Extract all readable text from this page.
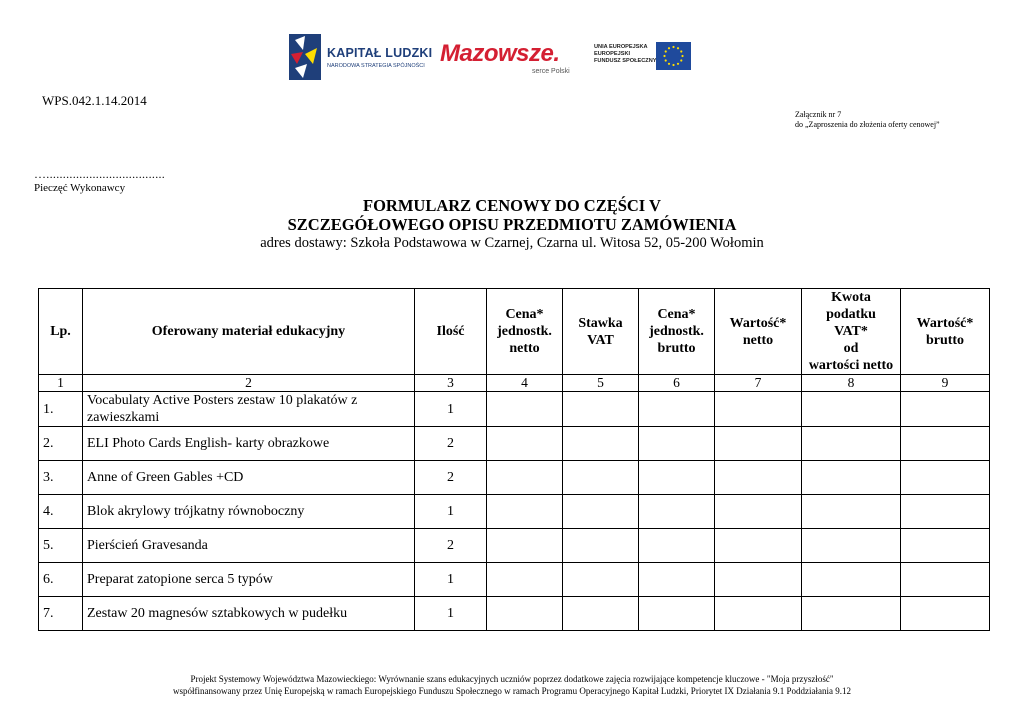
KAPITAŁ LUDZKI
NARODOWA STRATEGIA SPÓJNOŚCI Mazowsze.
serce Polski
UNIA EUROPEJSKA
EUROPEJSKI
FUNDUSZ SPOŁECZNY
WPS.042.1.14.2014
Załącznik nr 7
do „Zaproszenia do złożenia oferty cenowej”
…....................................
Pieczęć Wykonawcy
FORMULARZ CENOWY DO CZĘŚCI V
SZCZEGÓŁOWEGO OPISU PRZEDMIOTU ZAMÓWIENIA
adres dostawy: Szkoła Podstawowa w Czarnej, Czarna ul. Witosa 52, 05-200 Wołomin
Lp.	Oferowany materiał edukacyjny	Ilość	Cena*
jednostk.
netto	Stawka
VAT	Cena*
jednostk.
brutto	Wartość*
netto	Kwota
podatku
VAT*
od
wartości netto	Wartość*
brutto
1	2	3	4	5	6	7	8	9
1.	Vocabulaty Active Posters zestaw 10 plakatów z zawieszkami	1						
2.	ELI Photo Cards English- karty obrazkowe	2						
3.	Anne of Green Gables +CD	2						
4.	Blok akrylowy trójkatny równoboczny	1						
5.	Pierścień Gravesanda	2						
6.	Preparat zatopione serca 5 typów	1						
7.	Zestaw 20 magnesów sztabkowych w pudełku	1						
Projekt Systemowy Województwa Mazowieckiego: Wyrównanie szans edukacyjnych uczniów poprzez dodatkowe zajęcia rozwijające kompetencje kluczowe - "Moja przyszłość"
współfinansowany przez Unię Europejską w ramach Europejskiego Funduszu Społecznego w ramach Programu Operacyjnego Kapitał Ludzki, Priorytet IX Działania 9.1 Poddziałania 9.12
